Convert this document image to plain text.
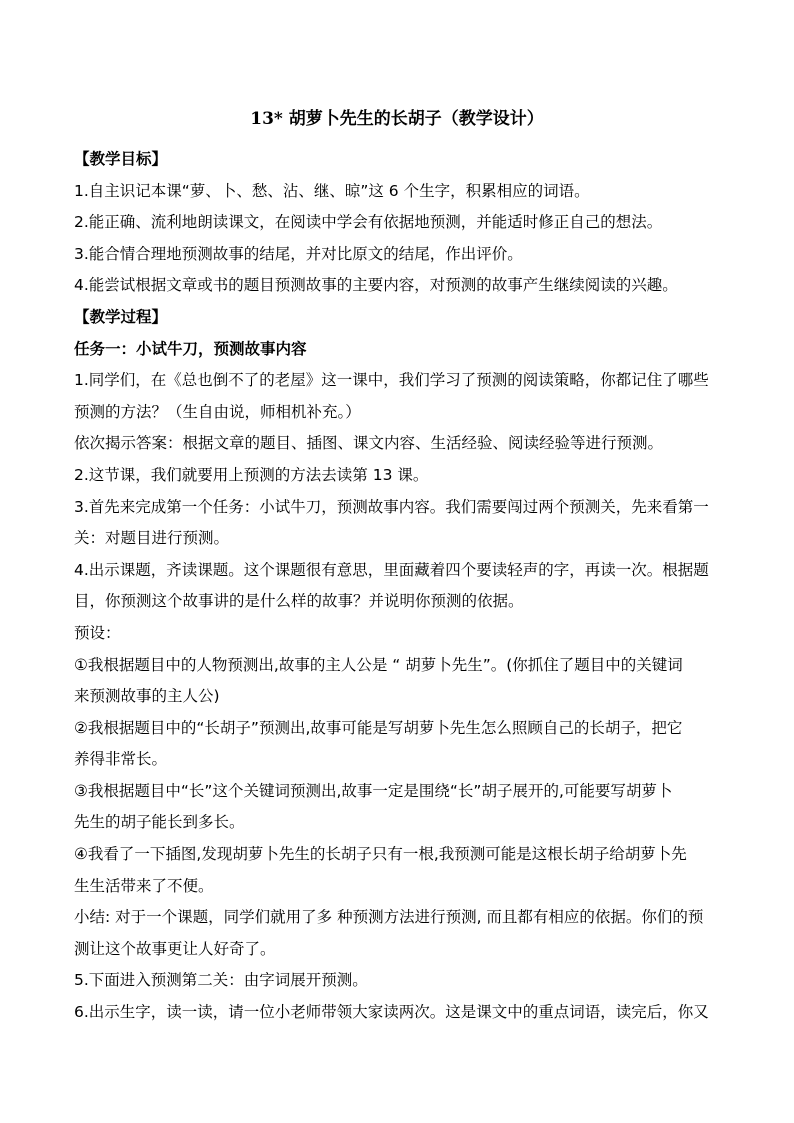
13* 胡萝卜先生的长胡子（教学设计）
【教学目标】
1.自主识记本课“萝、卜、愁、沾、继、晾”这 6 个生字，积累相应的词语。
2.能正确、流利地朗读课文，在阅读中学会有依据地预测，并能适时修正自己的想法。
3.能合情合理地预测故事的结尾，并对比原文的结尾，作出评价。
4.能尝试根据文章或书的题目预测故事的主要内容，对预测的故事产生继续阅读的兴趣。
【教学过程】
任务一：小试牛刀，预测故事内容
1.同学们，在《总也倒不了的老屋》这一课中，我们学习了预测的阅读策略，你都记住了哪些
预测的方法？（生自由说，师相机补充。）
依次揭示答案：根据文章的题目、插图、课文内容、生活经验、阅读经验等进行预测。
2.这节课，我们就要用上预测的方法去读第 13 课。
3.首先来完成第一个任务：小试牛刀，预测故事内容。我们需要闯过两个预测关，先来看第一
关：对题目进行预测。
4.出示课题，齐读课题。这个课题很有意思，里面藏着四个要读轻声的字，再读一次。根据题
目，你预测这个故事讲的是什么样的故事？并说明你预测的依据。
预设：
①我根据题目中的人物预测出,故事的主人公是 “ 胡萝卜先生”。(你抓住了题目中的关键词
来预测故事的主人公)
②我根据题目中的“长胡子”预测出,故事可能是写胡萝卜先生怎么照顾自己的长胡子，把它
养得非常长。
③我根据题目中“长”这个关键词预测出,故事一定是围绕“长”胡子展开的,可能要写胡萝卜
先生的胡子能长到多长。
④我看了一下插图,发现胡萝卜先生的长胡子只有一根,我预测可能是这根长胡子给胡萝卜先
生生活带来了不便。
小结: 对于一个课题，同学们就用了多 种预测方法进行预测, 而且都有相应的依据。你们的预
测让这个故事更让人好奇了。
5.下面进入预测第二关：由字词展开预测。
6.出示生字，读一读，请一位小老师带领大家读两次。这是课文中的重点词语，读完后，你又
